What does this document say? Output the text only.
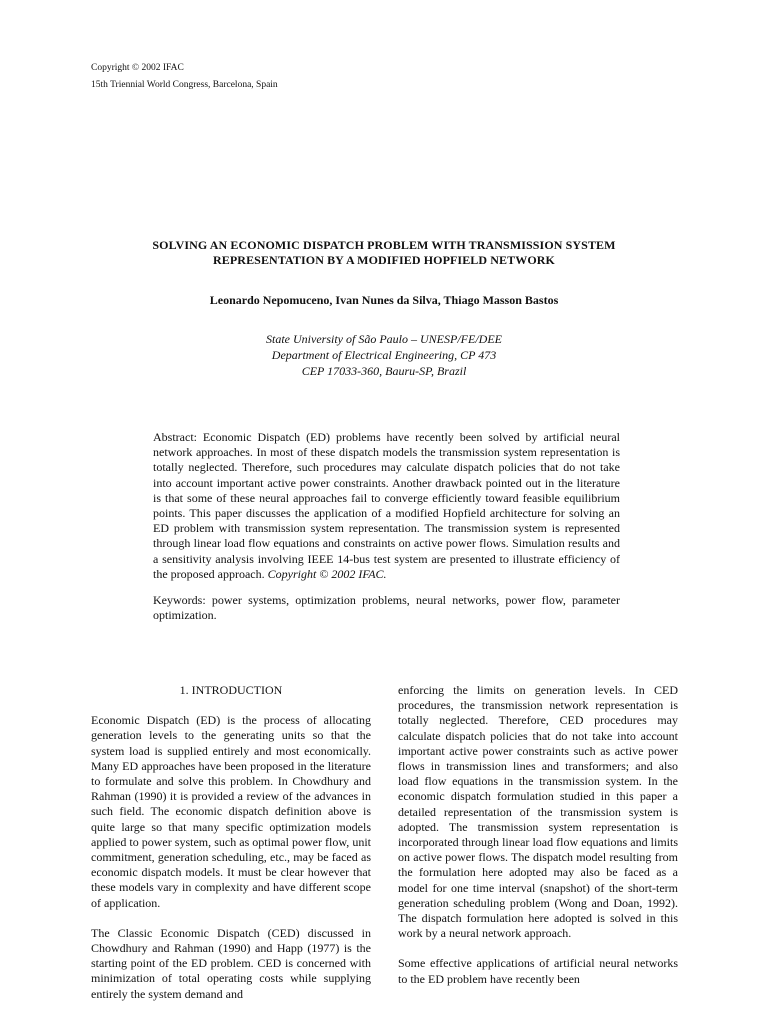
Copyright © 2002 IFAC
15th Triennial World Congress, Barcelona, Spain
SOLVING AN ECONOMIC DISPATCH PROBLEM WITH TRANSMISSION SYSTEM
REPRESENTATION BY A MODIFIED HOPFIELD NETWORK
Leonardo Nepomuceno, Ivan Nunes da Silva, Thiago Masson Bastos
State University of São Paulo – UNESP/FE/DEE
Department of Electrical Engineering, CP 473
CEP 17033-360, Bauru-SP, Brazil

Abstract: Economic Dispatch (ED) problems have recently been solved by artificial neural network approaches. In most of these dispatch models the transmission system representation is totally neglected. Therefore, such procedures may calculate dispatch policies that do not take into account important active power constraints. Another drawback pointed out in the literature is that some of these neural approaches fail to converge efficiently toward feasible equilibrium points. This paper discusses the application of a modified Hopfield architecture for solving an ED problem with transmission system representation. The transmission system is represented through linear load flow equations and constraints on active power flows. Simulation results and a sensitivity analysis involving IEEE 14-bus test system are presented to illustrate efficiency of the proposed approach. Copyright © 2002 IFAC.

Keywords: power systems, optimization problems, neural networks, power flow, parameter optimization.

1. INTRODUCTION

Economic Dispatch (ED) is the process of allocating generation levels to the generating units so that the system load is supplied entirely and most economically. Many ED approaches have been proposed in the literature to formulate and solve this problem. In Chowdhury and Rahman (1990) it is provided a review of the advances in such field. The economic dispatch definition above is quite large so that many specific optimization models applied to power system, such as optimal power flow, unit commitment, generation scheduling, etc., may be faced as economic dispatch models. It must be clear however that these models vary in complexity and have different scope of application.

The Classic Economic Dispatch (CED) discussed in Chowdhury and Rahman (1990) and Happ (1977) is the starting point of the ED problem. CED is concerned with minimization of total operating costs while supplying entirely the system demand and

enforcing the limits on generation levels. In CED procedures, the transmission network representation is totally neglected. Therefore, CED procedures may calculate dispatch policies that do not take into account important active power constraints such as active power flows in transmission lines and transformers; and also load flow equations in the transmission system. In the economic dispatch formulation studied in this paper a detailed representation of the transmission system is adopted. The transmission system representation is incorporated through linear load flow equations and limits on active power flows. The dispatch model resulting from the formulation here adopted may also be faced as a model for one time interval (snapshot) of the short-term generation scheduling problem (Wong and Doan, 1992). The dispatch formulation here adopted is solved in this work by a neural network approach.

Some effective applications of artificial neural networks to the ED problem have recently been
